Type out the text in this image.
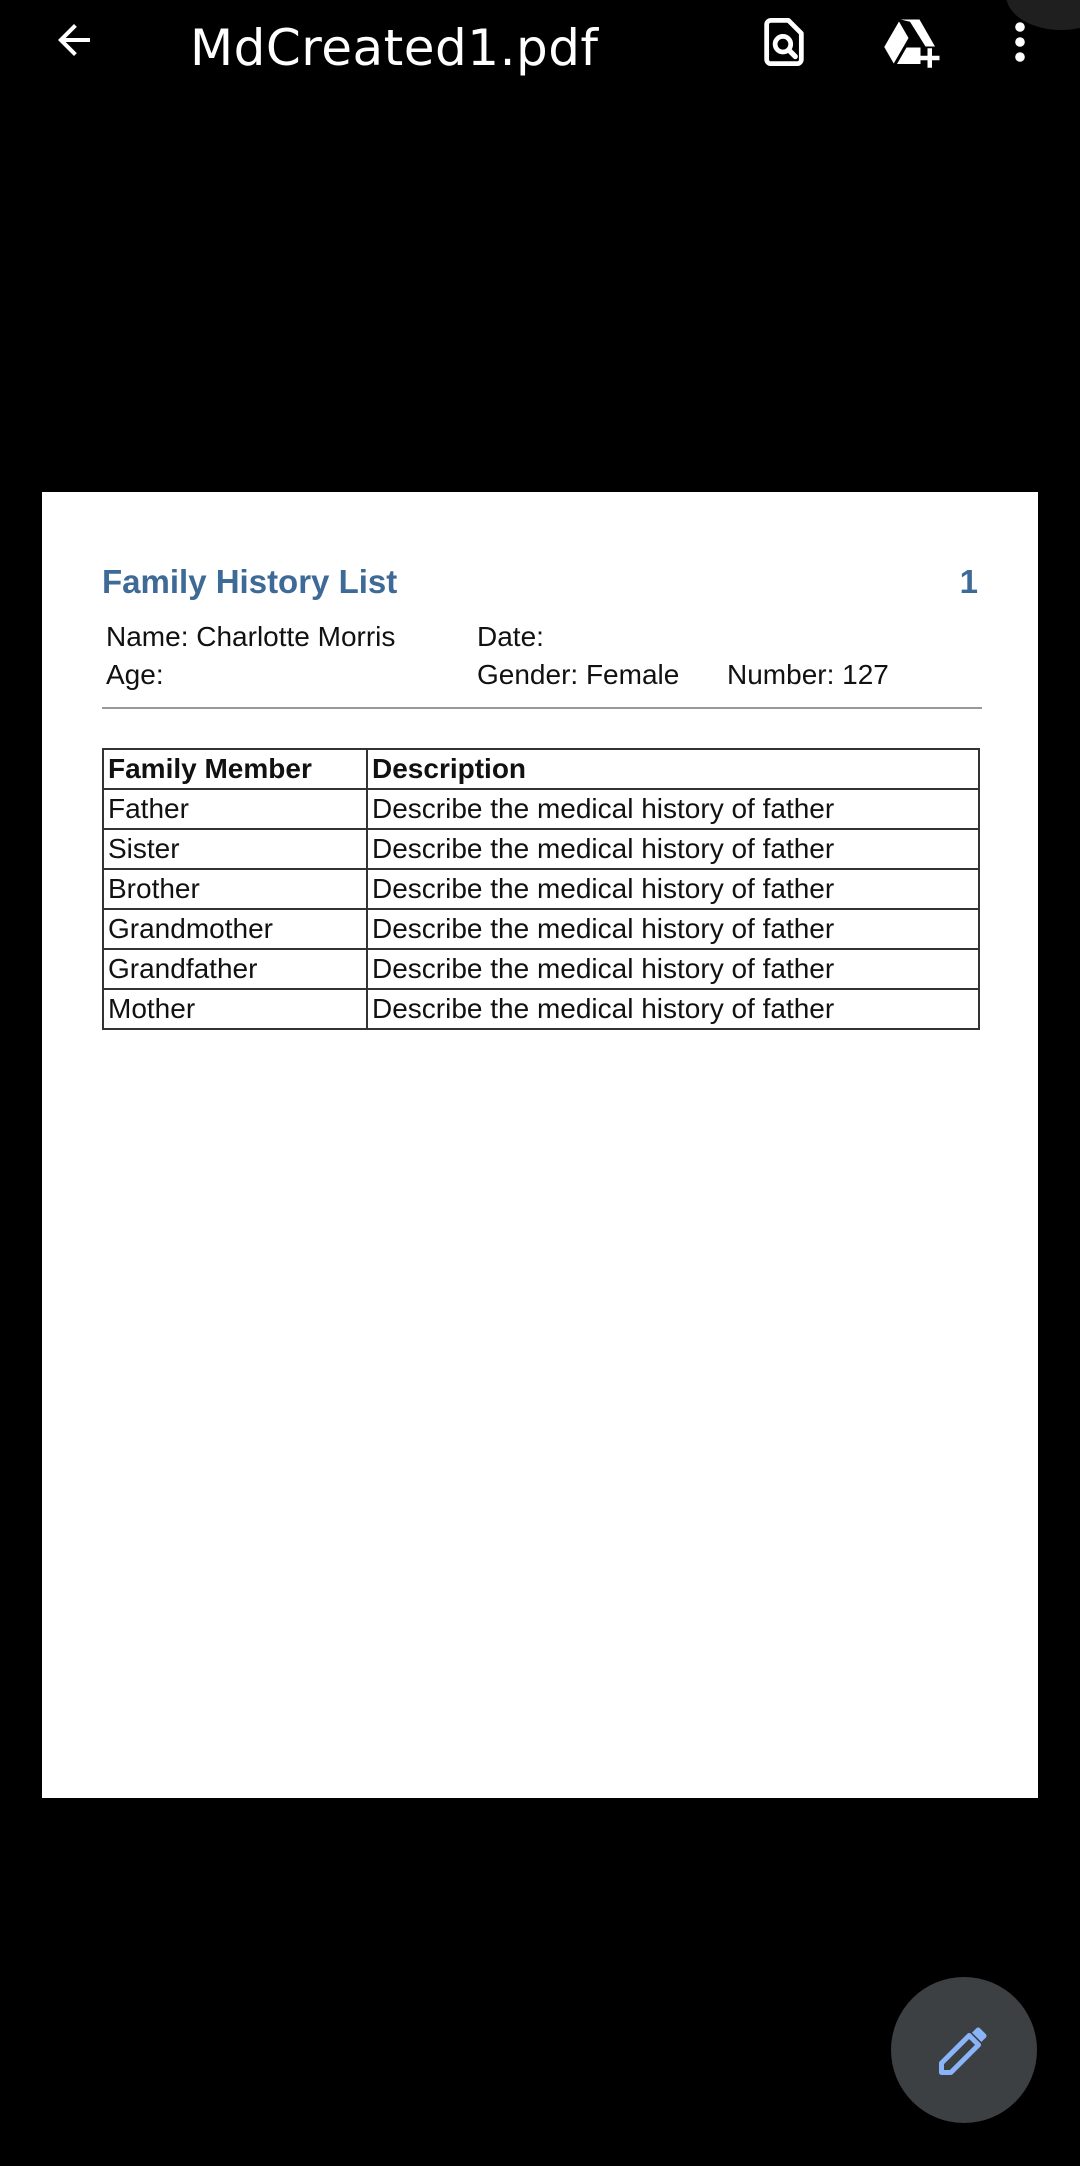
MdCreated1.pdf
Family History List	1
Name: Charlotte Morris
Age:
Date:
Gender: Female Number: 127
Family Member	Description
Father	Describe the medical history of father
Sister	Describe the medical history of father
Brother	Describe the medical history of father
Grandmother	Describe the medical history of father
Grandfather	Describe the medical history of father
Mother	Describe the medical history of father
